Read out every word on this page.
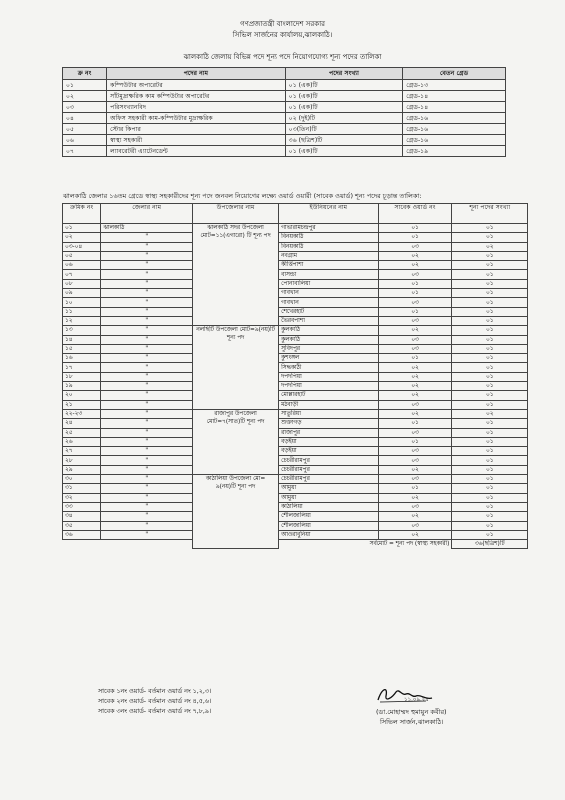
গণপ্রজাতন্ত্রী বাংলাদেশ সরকার
সিভিল সার্জনের কার্যালয়,ঝালকাঠি।
ঝালকাঠি জেলায় বিভিন্ন পদে শূন্য পদে নিয়োগযোগ্য শূন্য পদের তালিকা
ক্র নং	পদের নাম	পদের সংখ্যা	বেতন গ্রেড
০১	কম্পিউটার অপারেটর	০১ (এক)টি	গ্রেড-১৩
০২	সাঁটমুদ্রাক্ষরিক কাম কম্পিউটার অপারেটর	০১ (এক)টি	গ্রেড-১৪
০৩	পরিসংখ্যানবিদ	০১ (এক)টি	গ্রেড-১৪
০৪	অফিস সহকারী কাম-কম্পিউটার মুদ্রাক্ষরিক	০২ (দুই)টি	গ্রেড-১৬
০৫	স্টোর কিপার	০৩(তিন)টি	গ্রেড-১৬
০৬	স্বাস্থ্য সহকারী	৩৬ (ছত্রিশ)টি	গ্রেড-১৬
০৭	ল্যাবরেটরী এ্যাটেনডেন্ট	০১ (এক)টি	গ্রেড-১৯
ঝালকাঠি জেলার ১৬তম গ্রেডে স্বাস্থ্য সহকারীদের শূন্য পদে জনবল নিয়োগের লক্ষ্যে ওয়ার্ড ওয়ারী (সাবেক ওয়ার্ড) শূন্য পদের চূড়ান্ত তালিকা:
ক্রমিক নং	জেলার নাম	উপজেলার নাম	ইউনিয়নের নাম	সাবেক ওয়ার্ড নং	শূন্য পদের সংখ্যা
০১	ঝালকাঠি	ঝালকাঠি সদর উপজেলা মোট=১১(এগারো) টি শূন্য পদ	গাভারামচন্দ্রপুর	০১	০১
০২	"		বিনয়কাঠি	০১	০১
০৩-০৪	"		বিনয়কাঠি	০৩	০২
০৫	"		নবগ্রাম	০২	০১
০৬	"		কীর্ত্তিপাশা	০২	০১
০৭	"		বাসন্ডা	০৩	০১
০৮	"		পোনাবালিয়া	০১	০১
০৯	"		গাবখান	০১	০১
১০	"		গাবখান	০৩	০১
১১	"		শেখেরহাট	০১	০১
১২	"		ভৈরবপাশা	০৩	০১
১৩	"	নলছিটি উপজেলা মোট=৯(নয়)টি শূন্য পদ	কুলকাঠি	০২	০১
১৪	"		কুলকাঠি	০৩	০১
১৫	"		সুবিদপুর	০৩	০১
১৬	"		কুশংঙ্গল	০১	০১
১৭	"		সিদ্ধকাঠী	০২	০১
১৮	"		দপদপিয়া	০২	০১
১৯	"		দপদপিয়া	০২	০১
২০	"		মোল্লারহাট	০২	০১
২১	"		মঠবাড়ী	০৩	০১
২২-২৩	"	রাজাপুর উপজেলা মোট=৭(সাত)টি শূন্য পদ	সাতুরিয়া	০২	০২
২৪	"		শুক্তাগড়	০১	০১
২৫	"		রাজাপুর	০৩	০১
২৬	"		বড়ইয়া	০১	০১
২৭	"		বড়ইয়া	০৩	০১
২৮	"		চেচরীরামপুর	০৩	০১
২৯	"		চেচরীরামপুর	০২	০১
৩০	"	কাঠালিয়া উপজেলা মো= ৯(নয়)টি শূন্য পদ	চেচরীরামপুর	০৩	০১
৩১	"		আমুয়া	০১	০১
৩২	"		আমুয়া	০২	০১
৩৩	"		কাঠালিয়া	০৩	০১
৩৪	"		শৌলজালিয়া	০২	০১
৩৫	"		শৌলজালিয়া	০৩	০১
৩৬	"		আওরাবুনিয়া	০২	০১
সর্বমোট = শূন্য পদ (স্বাস্থ্য সহকারী)					৩৬(ছত্রিশ)টি
সাবেক ১নং ওয়ার্ড- বর্তমান ওয়ার্ড নং ১,২,৩।
সাবেক ২নং ওয়ার্ড- বর্তমান ওয়ার্ড নং ৪,৫,৬।
সাবেক ৩নং ওয়ার্ড- বর্তমান ওয়ার্ড নং ৭,৮,৯।
১১.০৯.২৫
(ডা.মোহাম্মদ হুমায়ুন কবীর)
সিভিল সার্জন,ঝালকাঠি।
